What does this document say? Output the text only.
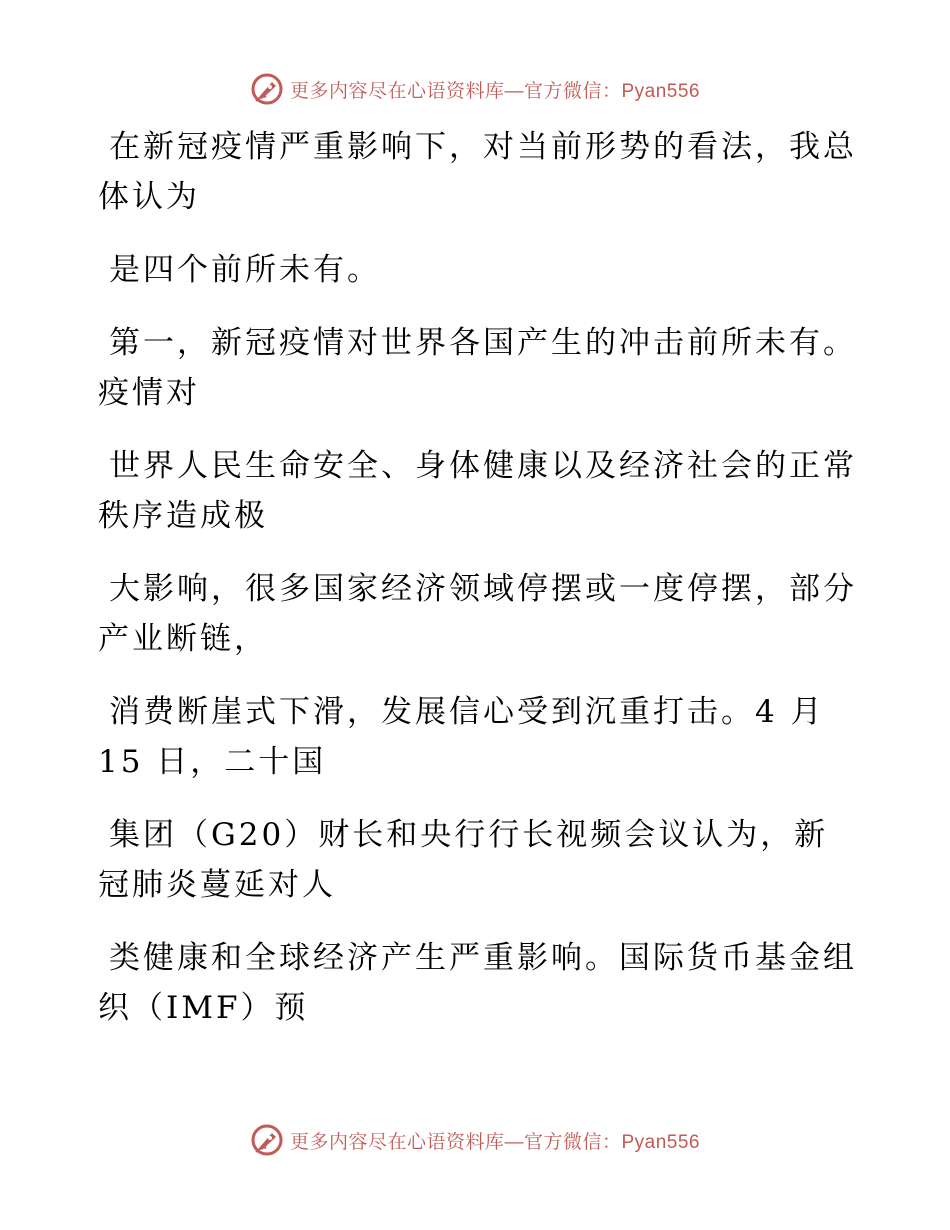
更多内容尽在心语资料库—官方微信：Pyan556

在新冠疫情严重影响下，对当前形势的看法，我总体认为

是四个前所未有。

第一，新冠疫情对世界各国产生的冲击前所未有。疫情对

世界人民生命安全、身体健康以及经济社会的正常秩序造成极

大影响，很多国家经济领域停摆或一度停摆，部分产业断链，

消费断崖式下滑，发展信心受到沉重打击。4 月 15 日，二十国

集团（G20）财长和央行行长视频会议认为，新冠肺炎蔓延对人

类健康和全球经济产生严重影响。国际货币基金组织（IMF）预

更多内容尽在心语资料库—官方微信：Pyan556
